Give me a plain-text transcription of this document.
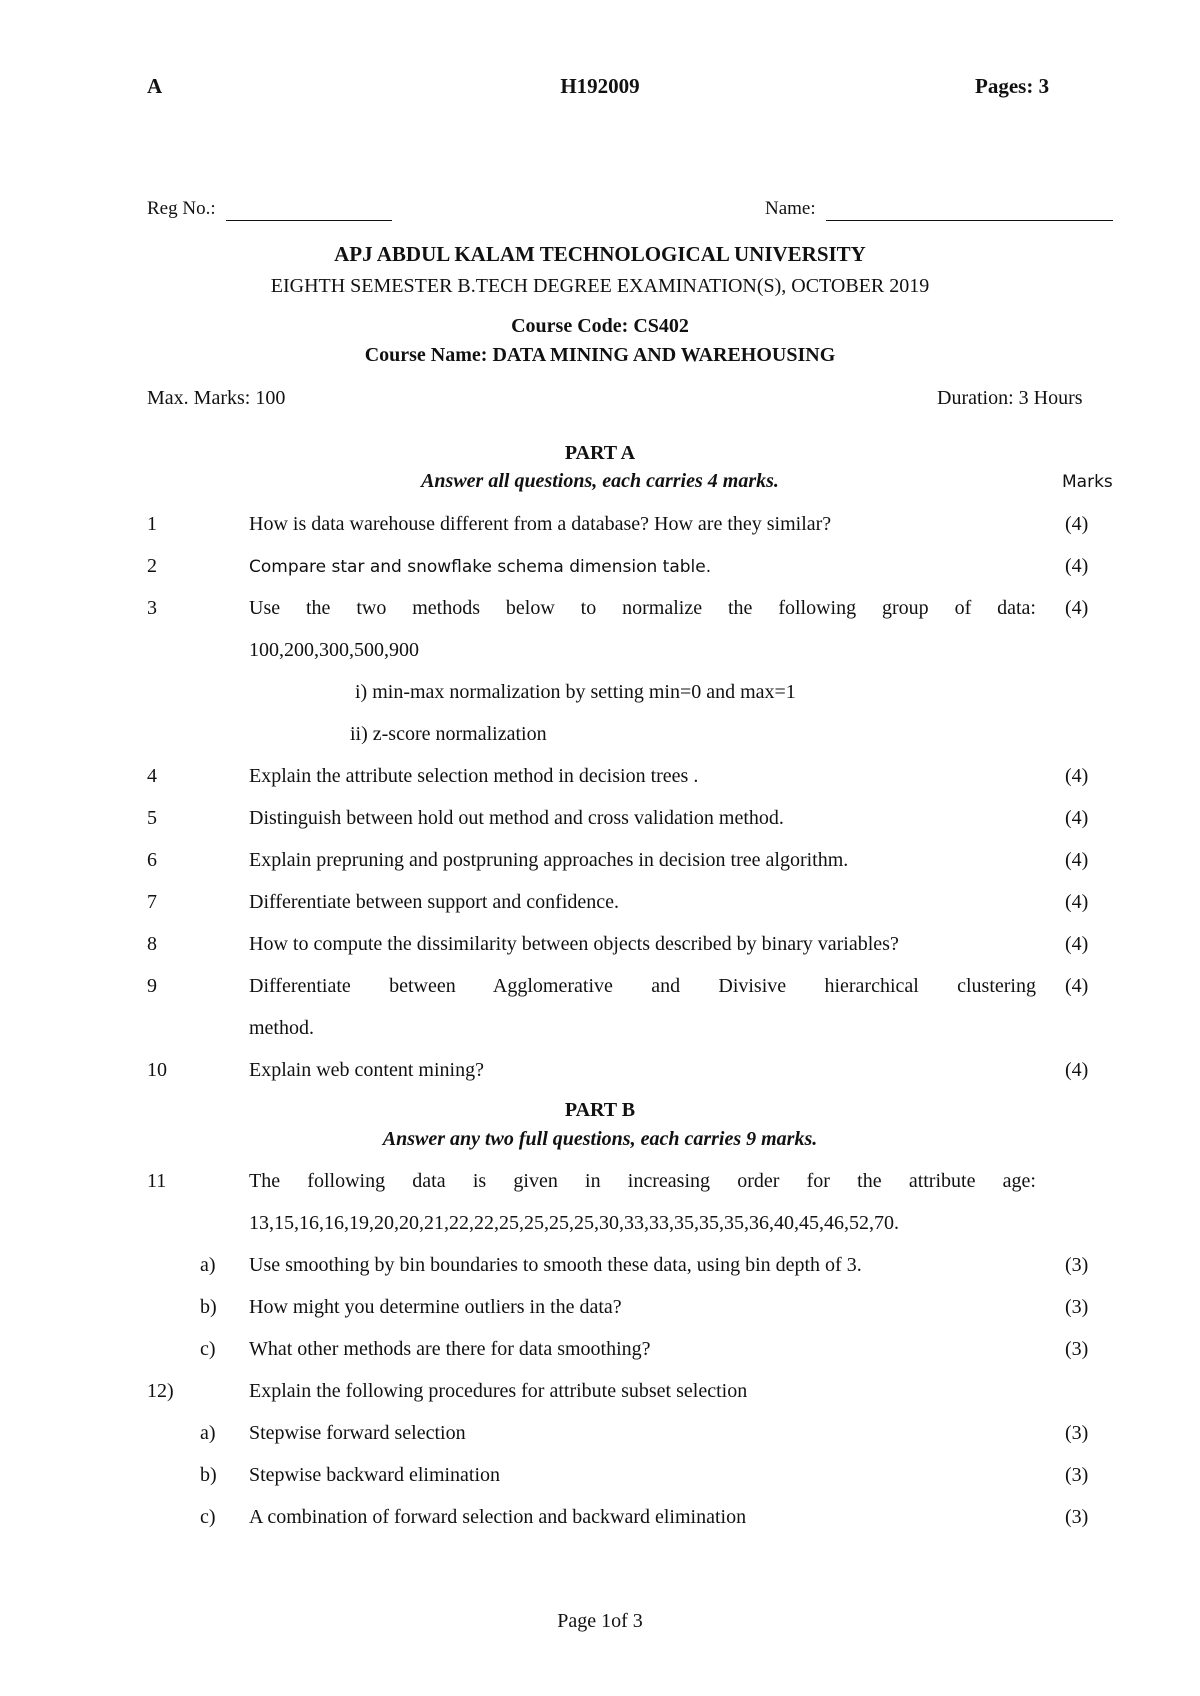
A	H192009	Pages: 3
Reg No.:	Name:
APJ ABDUL KALAM TECHNOLOGICAL UNIVERSITY
EIGHTH SEMESTER B.TECH DEGREE EXAMINATION(S), OCTOBER 2019
Course Code: CS402
Course Name: DATA MINING AND WAREHOUSING
Max. Marks: 100	Duration: 3 Hours
PART A
Answer all questions, each carries 4 marks.	Marks
1	How is data warehouse different from a database? How are they similar?	(4)
2	Compare star and snowflake schema dimension table.	(4)
3	Use the two methods below to normalize the following group of data: (4)
100,200,300,500,900
i) min-max normalization by setting min=0 and max=1
ii) z-score normalization
4	Explain the attribute selection method in decision trees .	(4)
5	Distinguish between hold out method and cross validation method.	(4)
6	Explain prepruning and postpruning approaches in decision tree algorithm.	(4)
7	Differentiate between support and confidence.	(4)
8	How to compute the dissimilarity between objects described by binary variables?	(4)
9	Differentiate between Agglomerative and Divisive hierarchical clustering (4)
method.
10	Explain web content mining?	(4)
PART B
Answer any two full questions, each carries 9 marks.
11	The following data is given in increasing order for the attribute age:
13,15,16,16,19,20,20,21,22,22,25,25,25,25,30,33,33,35,35,35,36,40,45,46,52,70.
a) Use smoothing by bin boundaries to smooth these data, using bin depth of 3.	(3)
b) How might you determine outliers in the data?	(3)
c) What other methods are there for data smoothing?	(3)
12)	Explain the following procedures for attribute subset selection
a) Stepwise forward selection	(3)
b) Stepwise backward elimination	(3)
c) A combination of forward selection and backward elimination	(3)
Page 1of 3
